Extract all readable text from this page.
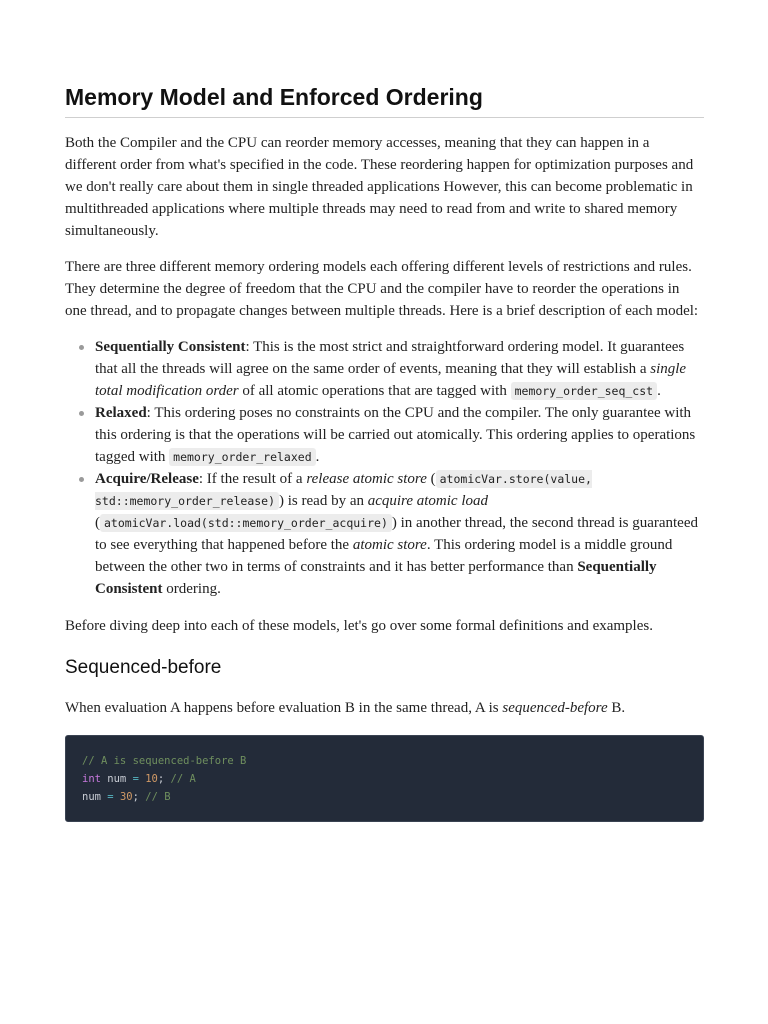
Memory Model and Enforced Ordering

Both the Compiler and the CPU can reorder memory accesses, meaning that they can happen in a different order from what's specified in the code. These reordering happen for optimization purposes and we don't really care about them in single threaded applications However, this can become problematic in multithreaded applications where multiple threads may need to read from and write to shared memory simultaneously.

There are three different memory ordering models each offering different levels of restrictions and rules. They determine the degree of freedom that the CPU and the compiler have to reorder the operations in one thread, and to propagate changes between multiple threads. Here is a brief description of each model:

Sequentially Consistent: This is the most strict and straightforward ordering model. It guarantees that all the threads will agree on the same order of events, meaning that they will establish a single total modification order of all atomic operations that are tagged with memory_order_seq_cst .
Relaxed: This ordering poses no constraints on the CPU and the compiler. The only guarantee with this ordering is that the operations will be carried out atomically. This ordering applies to operations tagged with memory_order_relaxed .
Acquire/Release: If the result of a release atomic store ( atomicVar.store(value, std::memory_order_release) ) is read by an acquire atomic load ( atomicVar.load(std::memory_order_acquire) ) in another thread, the second thread is guaranteed to see everything that happened before the atomic store. This ordering model is a middle ground between the other two in terms of constraints and it has better performance than Sequentially Consistent ordering.

Before diving deep into each of these models, let's go over some formal definitions and examples.

Sequenced-before

When evaluation A happens before evaluation B in the same thread, A is sequenced-before B.

// A is sequenced-before B
int num = 10; // A
num = 30; // B
